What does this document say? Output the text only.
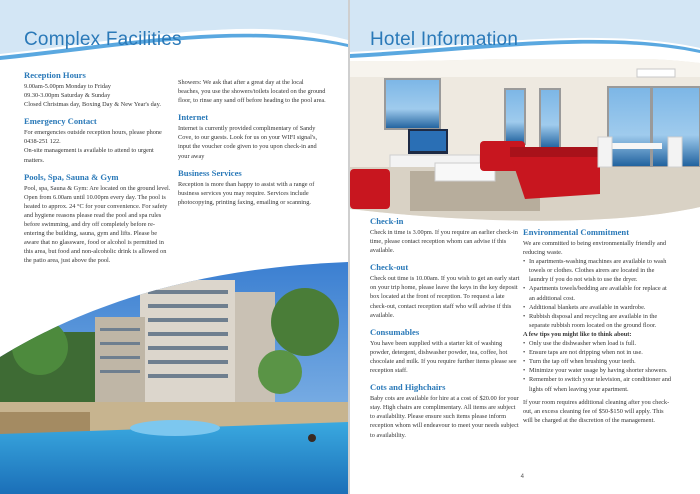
Complex Facilities
Reception Hours

9.00am-5.00pm Monday to Friday

09.30-3.00pm Saturday & Sunday

Closed Christmas day, Boxing Day & New Year's day.

Emergency Contact

For emergencies outside reception hours, please phone 0438-251 122.

On-site management is available to attend to urgent matters.

Pools, Spa, Sauna & Gym

Pool, spa, Sauna & Gym: Are located on the ground level. Open from 6.00am until 10.00pm every day. The pool is heated to approx. 24 °C for your convenience. For safety and hygiene reasons please read the pool and spa rules before swimming, and dry off completely before re-entering the building, sauna, gym and lifts. Please be aware that no glassware, food or alcohol is permitted in this area, but food and non-alcoholic drink is allowed on the patio area, just above the pool.

Showers: We ask that after a great day at the local beaches, you use the showers/toilets located on the ground floor, to rinse any sand off before heading to the pool area.

Internet

Internet is currently provided complimentary of Sandy Cove, to our guests. Look for us on your WIFI signal's, input the voucher code given to you upon check-in and your away

Business Services

Reception is more than happy to assist with a range of business services you may require. Services include photocopying, printing faxing, emailing or scanning.

Hotel Information
Check-in

Check in time is 3.00pm. If you require an earlier check-in time, please contact reception whom can advise if this available.

Check-out

Check out time is 10.00am. If you wish to get an early start on your trip home, please leave the keys in the key deposit box located at the front of reception. To request a late check-out, contact reception staff who will advise if this available.

Consumables

You have been supplied with a starter kit of washing powder, detergent, dishwasher powder, tea, coffee, hot chocolate and milk. If you require further items please see reception staff.

Cots and Highchairs

Baby cots are available for hire at a cost of $20.00 for your stay. High chairs are complimentary. All items are subject to availability. Please ensure such items please inform reception whom will endeavour to meet your needs subject to availability.

Environmental Commitment

We are committed to being environmentally friendly and reducing waste.

• In apartments-washing machines are available to wash towels or clothes. Clothes airers are located in the laundry if you do not wish to use the dryer.
• Apartments towels/bedding are available for replace at an additional cost.
• Additional blankets are available in wardrobe.
• Rubbish disposal and recycling are available in the separate rubbish room located on the ground floor.

A few tips you might like to think about:

• Only use the dishwasher when load is full.
• Ensure taps are not dripping when not in use.
• Turn the tap off when brushing your teeth.
• Minimize your water usage by having shorter showers.
• Remember to switch your television, air conditioner and lights off when leaving your apartment.

If your room requires additional cleaning after you check-out, an excess cleaning fee of $50-$150 will apply. This will be charged at the discretion of the management.

4
